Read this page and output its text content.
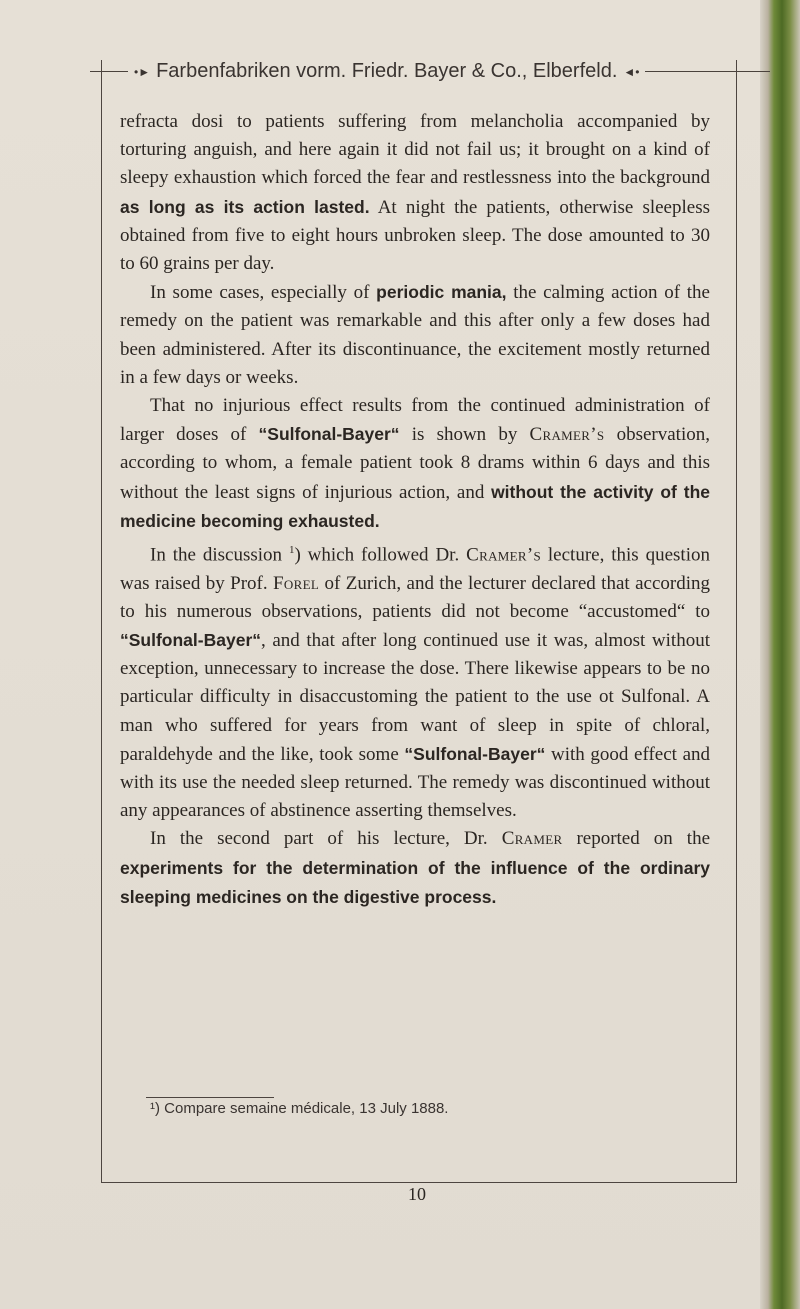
•► Farbenfabriken vorm. Friedr. Bayer & Co., Elberfeld. ◄•

refracta dosi to patients suffering from melancholia accompanied by torturing anguish, and here again it did not fail us; it brought on a kind of sleepy exhaustion which forced the fear and restlessness into the background as long as its action lasted. At night the patients, otherwise sleepless obtained from five to eight hours unbroken sleep. The dose amounted to 30 to 60 grains per day.

In some cases, especially of periodic mania, the calming action of the remedy on the patient was remarkable and this after only a few doses had been administered. After its discontinuance, the excitement mostly returned in a few days or weeks.

That no injurious effect results from the continued administration of larger doses of “Sulfonal-Bayer“ is shown by Cramer’s observation, according to whom, a female patient took 8 drams within 6 days and this without the least signs of injurious action, and without the activity of the medicine becoming exhausted.

In the discussion $^1$) which followed Dr. Cramer’s lecture, this question was raised by Prof. Forel of Zurich, and the lecturer declared that according to his numerous observations, patients did not become “accustomed“ to “Sulfonal-Bayer“, and that after long continued use it was, almost without exception, unnecessary to increase the dose. There likewise appears to be no particular difficulty in disaccustoming the patient to the use ot Sulfonal. A man who suffered for years from want of sleep in spite of chloral, paraldehyde and the like, took some “Sulfonal-Bayer“ with good effect and with its use the needed sleep returned. The remedy was discontinued without any appearances of abstinence asserting themselves.

In the second part of his lecture, Dr. Cramer reported on the experiments for the determination of the influence of the ordinary sleeping medicines on the digestive process.

¹) Compare semaine médicale, 13 July 1888.
10
